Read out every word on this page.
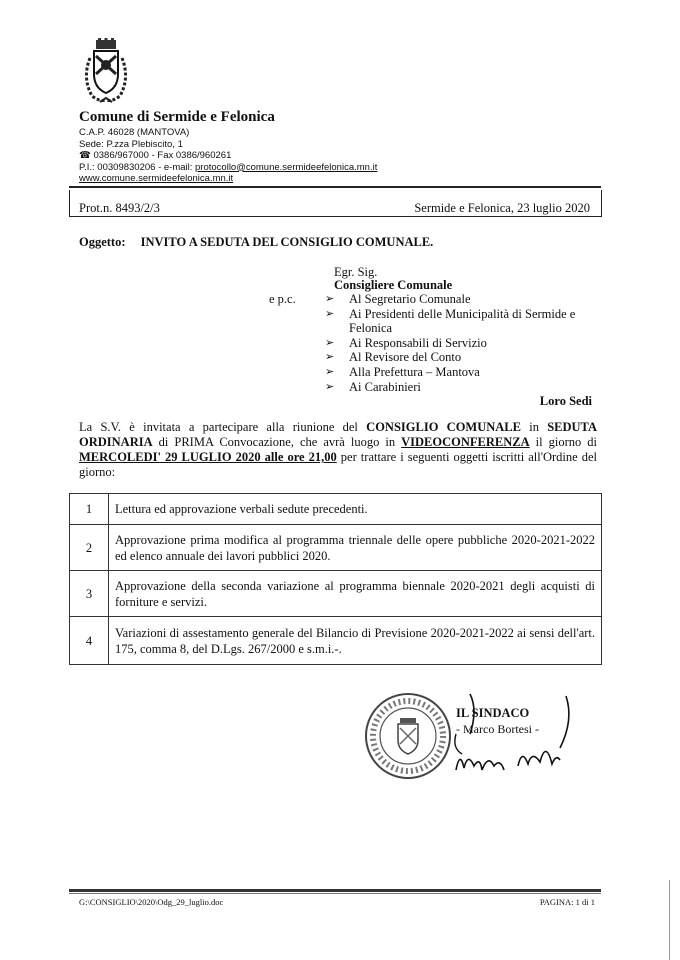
Comune di Sermide e Felonica
C.A.P. 46028 (MANTOVA)
Sede: P.zza Plebiscito, 1
☎ 0386/967000 - Fax 0386/960261
P.I.: 00309830206 - e-mail: protocollo@comune.sermideefelonica.mn.it
www.comune.sermideefelonica.mn.it
Prot.n. 8493/2/3	Sermide e Felonica, 23 luglio 2020
Oggetto: INVITO A SEDUTA DEL CONSIGLIO COMUNALE.
Egr. Sig.
Consigliere Comunale
e p.c.	➢	Al Segretario Comunale
➢	Ai Presidenti delle Municipalità di Sermide e Felonica
➢	Ai Responsabili di Servizio
➢	Al Revisore del Conto
➢	Alla Prefettura – Mantova
➢	Ai Carabinieri
Loro Sedi
La S.V. è invitata a partecipare alla riunione del CONSIGLIO COMUNALE in SEDUTA ORDINARIA di PRIMA Convocazione, che avrà luogo in VIDEOCONFERENZA il giorno di MERCOLEDI' 29 LUGLIO 2020 alle ore 21,00 per trattare i seguenti oggetti iscritti all'Ordine del giorno:
1	Lettura ed approvazione verbali sedute precedenti.
2	Approvazione prima modifica al programma triennale delle opere pubbliche 2020-2021-2022 ed elenco annuale dei lavori pubblici 2020.
3	Approvazione della seconda variazione al programma biennale 2020-2021 degli acquisti di forniture e servizi.
4	Variazioni di assestamento generale del Bilancio di Previsione 2020-2021-2022 ai sensi dell'art. 175, comma 8, del D.Lgs. 267/2000 e s.m.i.-.
IL SINDACO
- Marco Bortesi -
G:\CONSIGLIO\2020\Odg_29_luglio.doc	PAGINA: 1 di 1
